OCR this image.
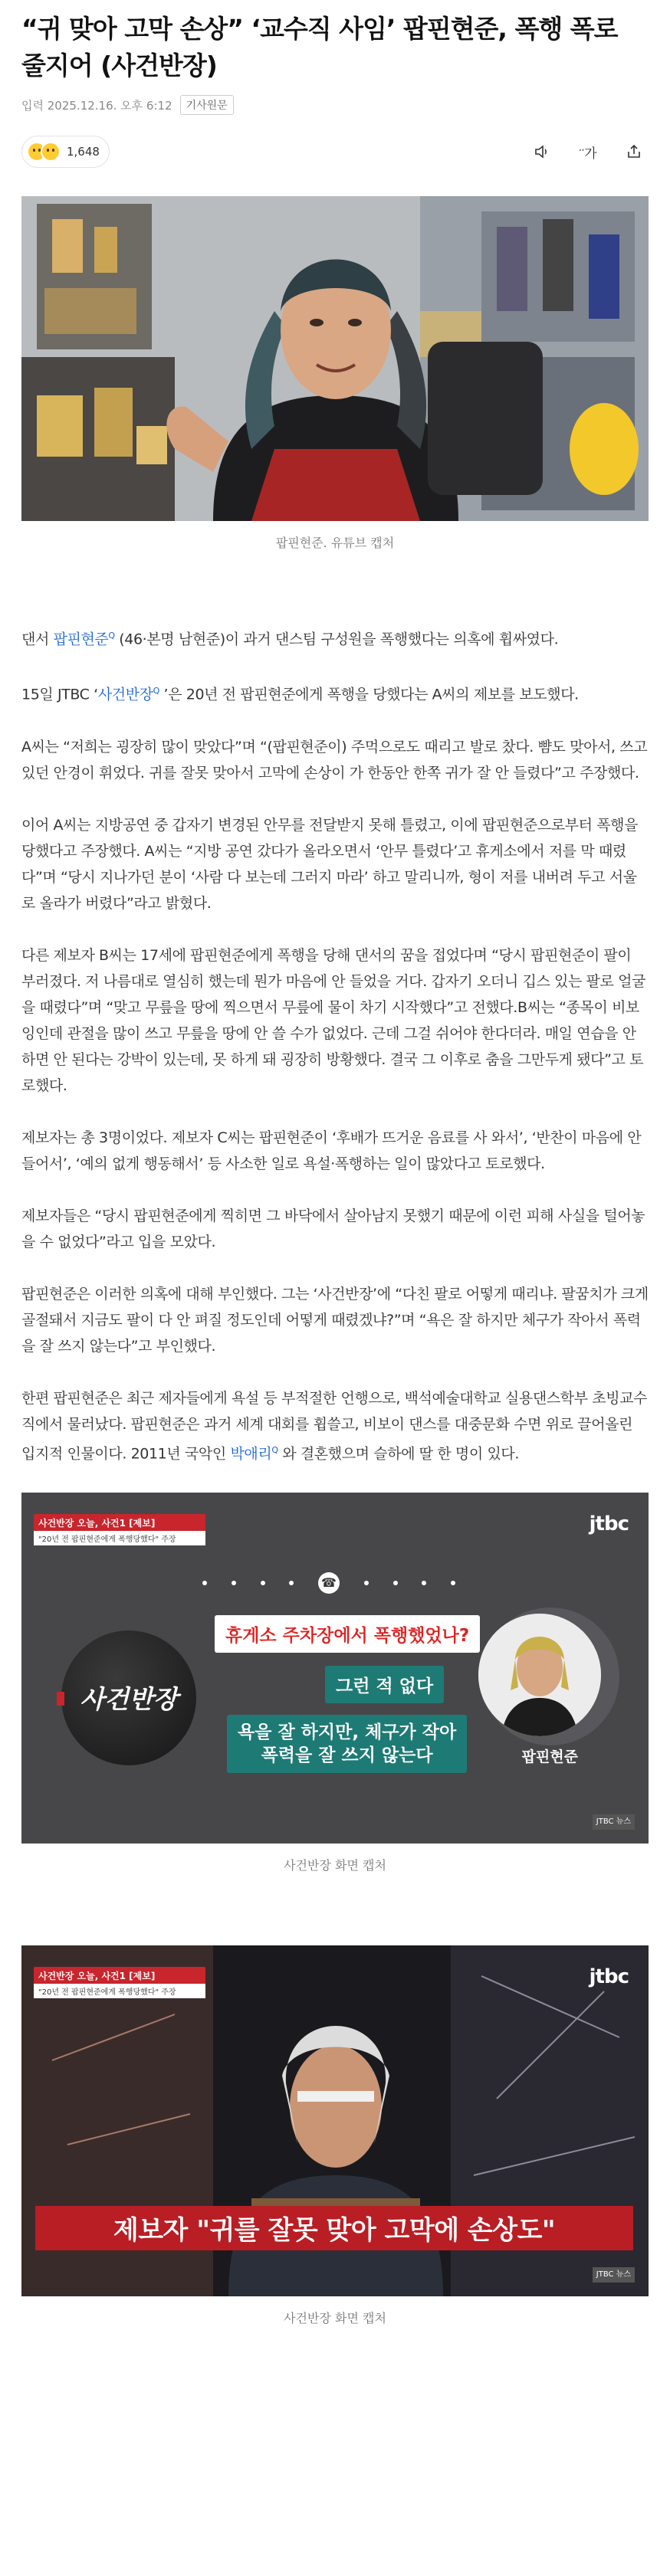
“귀 맞아 고막 손상” ‘교수직 사임’ 팝핀현준, 폭행 폭로 줄지어 (사건반장)
입력 2025.12.16. 오후 6:12	기사원문
1,648	ʻʻ 가
팝핀현준. 유튜브 캡처

댄서 팝핀현준$^Q$ (46·본명 남현준)이 과거 댄스팀 구성원을 폭행했다는 의혹에 휩싸였다.

15일 JTBC ‘사건반장$^Q$ ’은 20년 전 팝핀현준에게 폭행을 당했다는 A씨의 제보를 보도했다.

A씨는 “저희는 굉장히 많이 맞았다”며 “(팝핀현준이) 주먹으로도 때리고 발로 찼다. 뺨도 맞아서, 쓰고 있던 안경이 휘었다. 귀를 잘못 맞아서 고막에 손상이 가 한동안 한쪽 귀가 잘 안 들렸다”고 주장했다.

이어 A씨는 지방공연 중 갑자기 변경된 안무를 전달받지 못해 틀렸고, 이에 팝핀현준으로부터 폭행을 당했다고 주장했다. A씨는 “지방 공연 갔다가 올라오면서 ‘안무 틀렸다’고 휴게소에서 저를 막 때렸다”며 “당시 지나가던 분이 ‘사람 다 보는데 그러지 마라’ 하고 말리니까, 형이 저를 내버려 두고 서울로 올라가 버렸다”라고 밝혔다.

다른 제보자 B씨는 17세에 팝핀현준에게 폭행을 당해 댄서의 꿈을 접었다며 “당시 팝핀현준이 팔이 부러졌다. 저 나름대로 열심히 했는데 뭔가 마음에 안 들었을 거다. 갑자기 오더니 깁스 있는 팔로 얼굴을 때렸다”며 “맞고 무릎을 땅에 찍으면서 무릎에 물이 차기 시작했다”고 전했다.B씨는 “종목이 비보잉인데 관절을 많이 쓰고 무릎을 땅에 안 쓸 수가 없었다. 근데 그걸 쉬어야 한다더라. 매일 연습을 안 하면 안 된다는 강박이 있는데, 못 하게 돼 굉장히 방황했다. 결국 그 이후로 춤을 그만두게 됐다”고 토로했다.

제보자는 총 3명이었다. 제보자 C씨는 팝핀현준이 ‘후배가 뜨거운 음료를 사 와서’, ‘반찬이 마음에 안 들어서’, ‘예의 없게 행동해서’ 등 사소한 일로 욕설·폭행하는 일이 많았다고 토로했다.

제보자들은 “당시 팝핀현준에게 찍히면 그 바닥에서 살아남지 못했기 때문에 이런 피해 사실을 털어놓을 수 없었다”라고 입을 모았다.

팝핀현준은 이러한 의혹에 대해 부인했다. 그는 ‘사건반장’에 “다친 팔로 어떻게 때리냐. 팔꿈치가 크게 골절돼서 지금도 팔이 다 안 펴질 정도인데 어떻게 때렸겠냐?”며 “욕은 잘 하지만 체구가 작아서 폭력을 잘 쓰지 않는다”고 부인했다.

한편 팝핀현준은 최근 제자들에게 욕설 등 부적절한 언행으로, 백석예술대학교 실용댄스학부 초빙교수직에서 물러났다. 팝핀현준은 과거 세계 대회를 휩쓸고, 비보이 댄스를 대중문화 수면 위로 끌어올린 입지적 인물이다. 2011년 국악인 박애리$^Q$ 와 결혼했으며 슬하에 딸 한 명이 있다.

사건반장 오늘, 사건1 [제보]
"20년 전 팝핀현준에게 폭행당했다" 주장
jtbc
사건반장
☎
휴게소 주차장에서 폭행했었나?
그런 적 없다
욕을 잘 하지만, 체구가 작아
폭력을 잘 쓰지 않는다	팝핀현준
JTBC 뉴스
사건반장 화면 캡처
사건반장 오늘, 사건1 [제보]
"20년 전 팝핀현준에게 폭행당했다" 주장
jtbc
제보자 "귀를 잘못 맞아 고막에 손상도"
JTBC 뉴스
사건반장 화면 캡처
